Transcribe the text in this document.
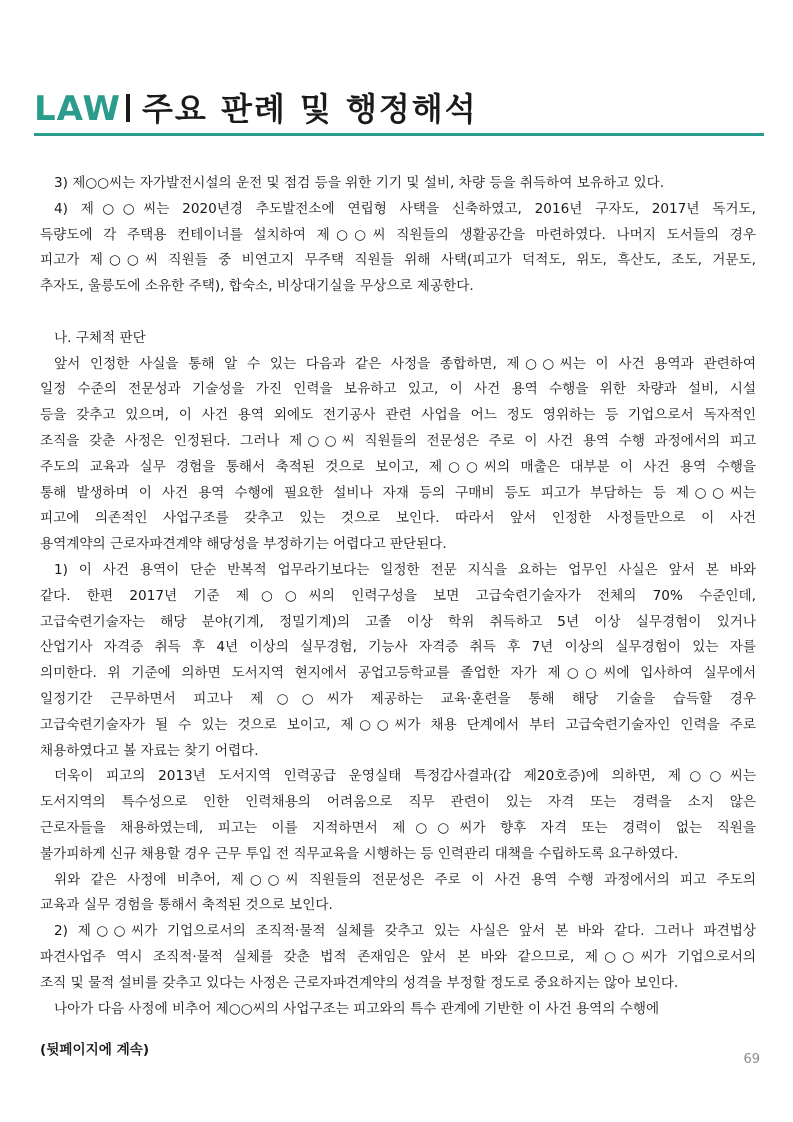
LAW 주요 판례 및 행정해석
3) 제○○씨는 자가발전시설의 운전 및 점검 등을 위한 기기 및 설비, 차량 등을 취득하여 보유하고 있다.
4) 제○○씨는 2020년경 추도발전소에 연립형 사택을 신축하였고, 2016년 구자도, 2017년 독거도,
득량도에 각 주택용 컨테이너를 설치하여 제○○씨 직원들의 생활공간을 마련하였다. 나머지 도서들의 경우
피고가 제○○씨 직원들 중 비연고지 무주택 직원들 위해 사택(피고가 덕적도, 위도, 흑산도, 조도, 거문도,
추자도, 울릉도에 소유한 주택), 합숙소, 비상대기실을 무상으로 제공한다.
나. 구체적 판단
앞서 인정한 사실을 통해 알 수 있는 다음과 같은 사정을 종합하면, 제○○씨는 이 사건 용역과 관련하여
일정 수준의 전문성과 기술성을 가진 인력을 보유하고 있고, 이 사건 용역 수행을 위한 차량과 설비, 시설
등을 갖추고 있으며, 이 사건 용역 외에도 전기공사 관련 사업을 어느 정도 영위하는 등 기업으로서 독자적인
조직을 갖춘 사정은 인정된다. 그러나 제○○씨 직원들의 전문성은 주로 이 사건 용역 수행 과정에서의 피고
주도의 교육과 실무 경험을 통해서 축적된 것으로 보이고, 제○○씨의 매출은 대부분 이 사건 용역 수행을
통해 발생하며 이 사건 용역 수행에 필요한 설비나 자재 등의 구매비 등도 피고가 부담하는 등 제○○씨는
피고에 의존적인 사업구조를 갖추고 있는 것으로 보인다. 따라서 앞서 인정한 사정들만으로 이 사건
용역계약의 근로자파견계약 해당성을 부정하기는 어렵다고 판단된다.
1) 이 사건 용역이 단순 반복적 업무라기보다는 일정한 전문 지식을 요하는 업무인 사실은 앞서 본 바와
같다. 한편 2017년 기준 제○○씨의 인력구성을 보면 고급숙련기술자가 전체의 70% 수준인데,
고급숙련기술자는 해당 분야(기계, 정밀기계)의 고졸 이상 학위 취득하고 5년 이상 실무경험이 있거나
산업기사 자격증 취득 후 4년 이상의 실무경험, 기능사 자격증 취득 후 7년 이상의 실무경험이 있는 자를
의미한다. 위 기준에 의하면 도서지역 현지에서 공업고등학교를 졸업한 자가 제○○씨에 입사하여 실무에서
일정기간 근무하면서 피고나 제○○씨가 제공하는 교육·훈련을 통해 해당 기술을 습득할 경우
고급숙련기술자가 될 수 있는 것으로 보이고, 제○○씨가 채용 단계에서 부터 고급숙련기술자인 인력을 주로
채용하였다고 볼 자료는 찾기 어렵다.
더욱이 피고의 2013년 도서지역 인력공급 운영실태 특정감사결과(갑 제20호증)에 의하면, 제○○씨는
도서지역의 특수성으로 인한 인력채용의 어려움으로 직무 관련이 있는 자격 또는 경력을 소지 않은
근로자들을 채용하였는데, 피고는 이를 지적하면서 제○○씨가 향후 자격 또는 경력이 없는 직원을
불가피하게 신규 채용할 경우 근무 투입 전 직무교육을 시행하는 등 인력관리 대책을 수립하도록 요구하였다.
위와 같은 사정에 비추어, 제○○씨 직원들의 전문성은 주로 이 사건 용역 수행 과정에서의 피고 주도의
교육과 실무 경험을 통해서 축적된 것으로 보인다.
2) 제○○씨가 기업으로서의 조직적·물적 실체를 갖추고 있는 사실은 앞서 본 바와 같다. 그러나 파견법상
파견사업주 역시 조직적·물적 실체를 갖춘 법적 존재임은 앞서 본 바와 같으므로, 제○○씨가 기업으로서의
조직 및 물적 설비를 갖추고 있다는 사정은 근로자파견계약의 성격을 부정할 정도로 중요하지는 않아 보인다.
나아가 다음 사정에 비추어 제○○씨의 사업구조는 피고와의 특수 관계에 기반한 이 사건 용역의 수행에
(뒷페이지에 계속)
69
